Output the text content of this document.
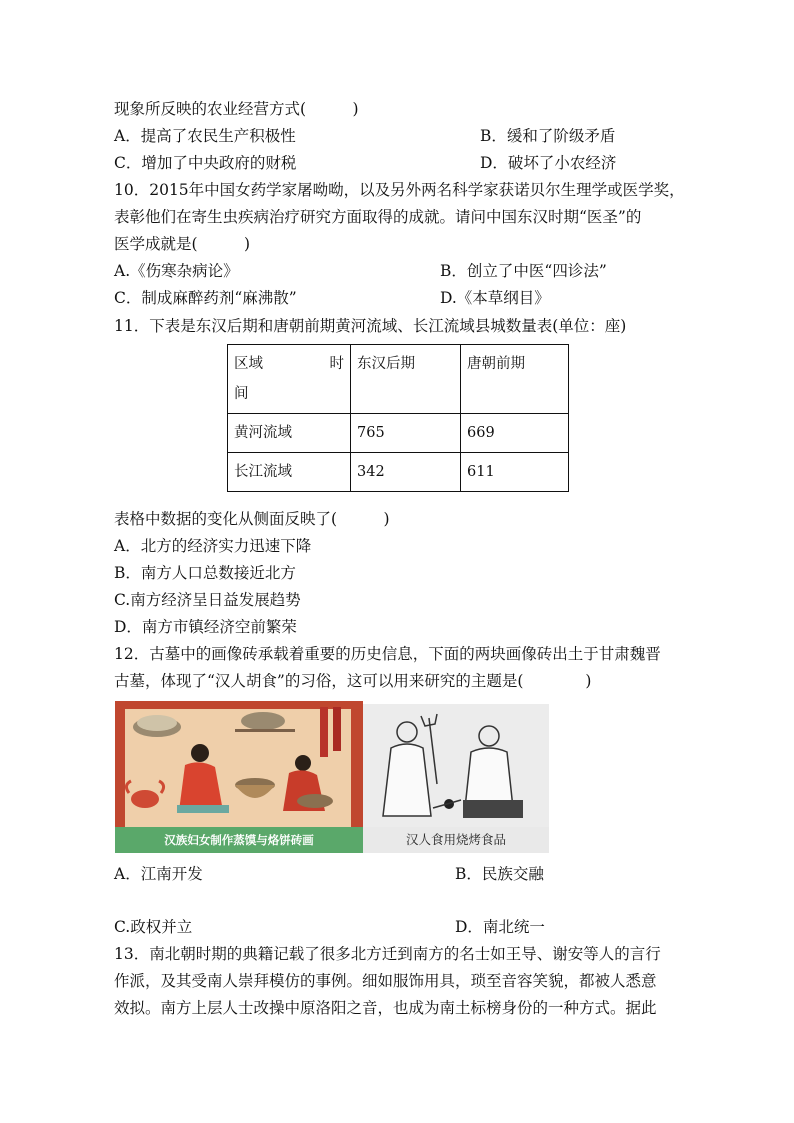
现象所反映的农业经营方式(　　　)
A．提高了农民生产积极性	B．缓和了阶级矛盾
C．增加了中央政府的财税	D．破坏了小农经济
10．2015年中国女药学家屠呦呦，以及另外两名科学家获诺贝尔生理学或医学奖，
表彰他们在寄生虫疾病治疗研究方面取得的成就。请问中国东汉时期“医圣”的
医学成就是(　　　)
A.《伤寒杂病论》	B．创立了中医“四诊法”
C．制成麻醉药剂“麻沸散”	D.《本草纲目》
11．下表是东汉后期和唐朝前期黄河流域、长江流域县城数量表(单位：座)
区域 时
间	东汉后期	唐朝前期
黄河流域	765	669
长江流域	342	611
表格中数据的变化从侧面反映了(　　　)
A．北方的经济实力迅速下降
B．南方人口总数接近北方
C.南方经济呈日益发展趋势
D．南方市镇经济空前繁荣
12．古墓中的画像砖承载着重要的历史信息，下面的两块画像砖出土于甘肃魏晋
古墓，体现了“汉人胡食”的习俗，这可以用来研究的主题是(　　　　)
汉族妇女制作蒸馍与烙饼砖画	汉人食用烧烤食品
A．江南开发	B．民族交融
C.政权并立	D．南北统一
13．南北朝时期的典籍记载了很多北方迁到南方的名士如王导、谢安等人的言行
作派，及其受南人崇拜模仿的事例。细如服饰用具，琐至音容笑貌，都被人悉意
效拟。南方上层人士改操中原洛阳之音，也成为南土标榜身份的一种方式。据此
